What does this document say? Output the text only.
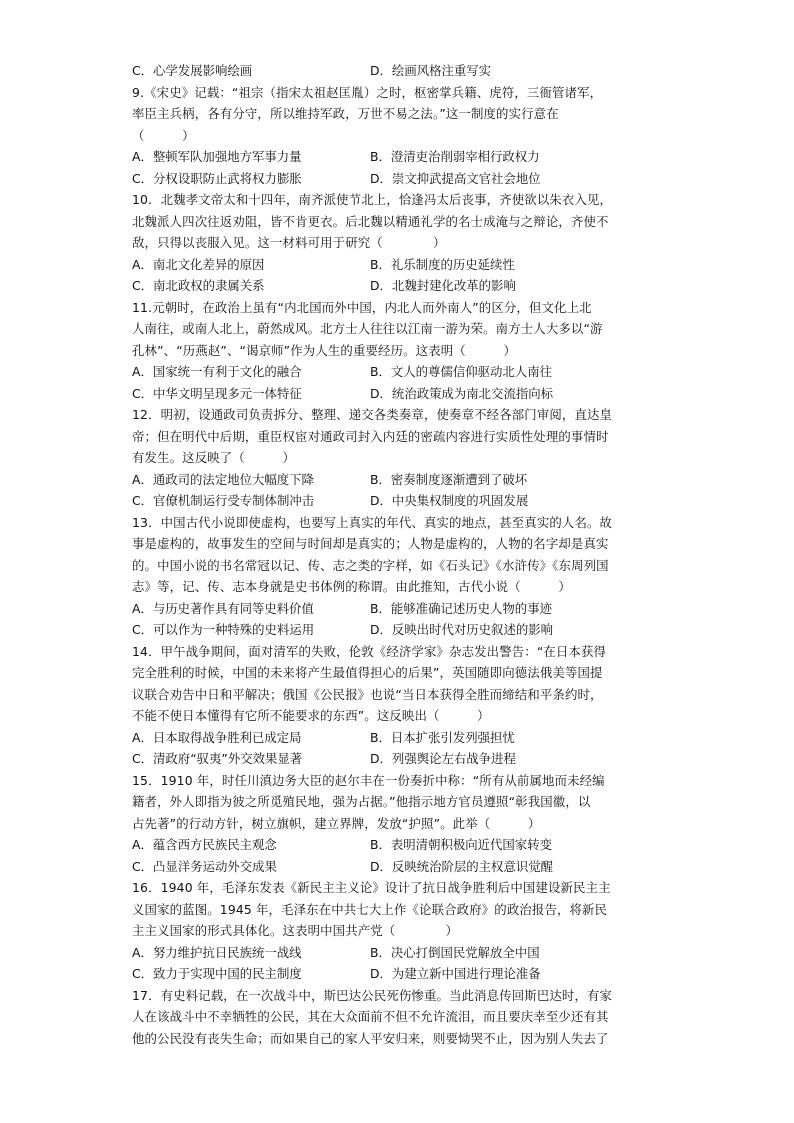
C．心学发展影响绘画	D．绘画风格注重写实
9.《宋史》记载：“祖宗（指宋太祖赵匡胤）之时，枢密掌兵籍、虎符，三衙管诸军，
率臣主兵柄，各有分守，所以维持军政，万世不易之法。”这一制度的实行意在
（　　　）
A．整顿军队加强地方军事力量	B．澄清吏治削弱宰相行政权力
C．分权设职防止武将权力膨胀	D．崇文抑武提高文官社会地位
10．北魏孝文帝太和十四年，南齐派使节北上，恰逢冯太后丧事，齐使欲以朱衣入见，
北魏派人四次往返劝阻，皆不肯更衣。后北魏以精通礼学的名士成淹与之辩论，齐使不
敌，只得以丧服入见。这一材料可用于研究（　　　　）
A．南北文化差异的原因	B．礼乐制度的历史延续性
C．南北政权的隶属关系	D．北魏封建化改革的影响
11.元朝时，在政治上虽有“内北国而外中国，内北人而外南人”的区分，但文化上北
人南往，或南人北上，蔚然成风。北方士人往往以江南一游为荣。南方士人大多以“游
孔林”、“历燕赵”、“谒京师”作为人生的重要经历。这表明（　　　）
A．国家统一有利于文化的融合	B．文人的尊儒信仰驱动北人南往
C．中华文明呈现多元一体特征	D．统治政策成为南北交流指向标
12．明初，设通政司负责拆分、整理、递交各类奏章，使奏章不经各部门审阅，直达皇
帝；但在明代中后期，重臣权宦对通政司封入内廷的密疏内容进行实质性处理的事情时
有发生。这反映了（　　　）
A．通政司的法定地位大幅度下降	B．密奏制度逐渐遭到了破坏
C．官僚机制运行受专制体制冲击	D．中央集权制度的巩固发展
13．中国古代小说即使虚构，也要写上真实的年代、真实的地点，甚至真实的人名。故
事是虚构的，故事发生的空间与时间却是真实的；人物是虚构的，人物的名字却是真实
的。中国小说的书名常冠以记、传、志之类的字样，如《石头记》《水浒传》《东周列国
志》等，记、传、志本身就是史书体例的称谓。由此推知，古代小说（　　　）
A．与历史著作具有同等史料价值	B．能够准确记述历史人物的事迹
C．可以作为一种特殊的史料运用	D．反映出时代对历史叙述的影响
14．甲午战争期间，面对清军的失败，伦敦《经济学家》杂志发出警告：“在日本获得
完全胜利的时候，中国的未来将产生最值得担心的后果”，英国随即向德法俄美等国提
议联合劝告中日和平解决；俄国《公民报》也说“当日本获得全胜而缔结和平条约时，
不能不使日本懂得有它所不能要求的东西”。这反映出（　　　）
A．日本取得战争胜利已成定局	B．日本扩张引发列强担忧
C．清政府“驭夷”外交效果显著	D．列强舆论左右战争进程
15．1910 年，时任川滇边务大臣的赵尔丰在一份奏折中称：“所有从前属地而未经编
籍者，外人即指为彼之所觅殖民地，强为占据。”他指示地方官员遵照“彰我国徽，以
占先著”的行动方针，树立旗帜，建立界牌，发放“护照”。此举（　　　）
A．蕴含西方民族民主观念	B．表明清朝积极向近代国家转变
C．凸显洋务运动外交成果	D．反映统治阶层的主权意识觉醒
16．1940 年，毛泽东发表《新民主主义论》设计了抗日战争胜利后中国建设新民主主
义国家的蓝图。1945 年，毛泽东在中共七大上作《论联合政府》的政治报告，将新民
主主义国家的形式具体化。这表明中国共产党（　　　　）
A．努力维护抗日民族统一战线	B．决心打倒国民党解放全中国
C．致力于实现中国的民主制度	D．为建立新中国进行理论准备
17．有史料记载，在一次战斗中，斯巴达公民死伤惨重。当此消息传回斯巴达时，有家
人在该战斗中不幸牺牲的公民，其在大众面前不但不允许流泪，而且要庆幸至少还有其
他的公民没有丧失生命；而如果自己的家人平安归来，则要恸哭不止，因为别人失去了
